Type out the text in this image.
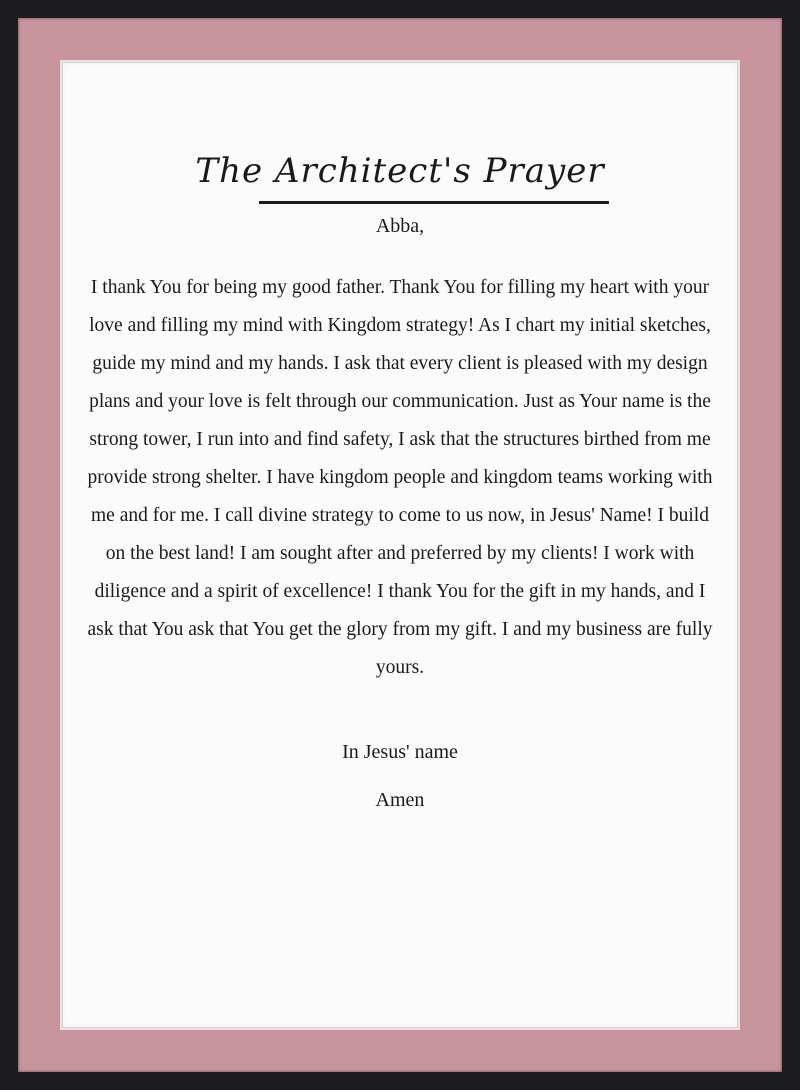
The Architect's Prayer
Abba,

I thank You for being my good father. Thank You for filling my heart with your love and filling my mind with Kingdom strategy! As I chart my initial sketches, guide my mind and my hands. I ask that every client is pleased with my design plans and your love is felt through our communication. Just as Your name is the strong tower, I run into and find safety, I ask that the structures birthed from me provide strong shelter. I have kingdom people and kingdom teams working with me and for me. I call divine strategy to come to us now, in Jesus' Name! I build on the best land! I am sought after and preferred by my clients! I work with diligence and a spirit of excellence! I thank You for the gift in my hands, and I ask that You ask that You get the glory from my gift. I and my business are fully yours.

In Jesus' name
Amen
